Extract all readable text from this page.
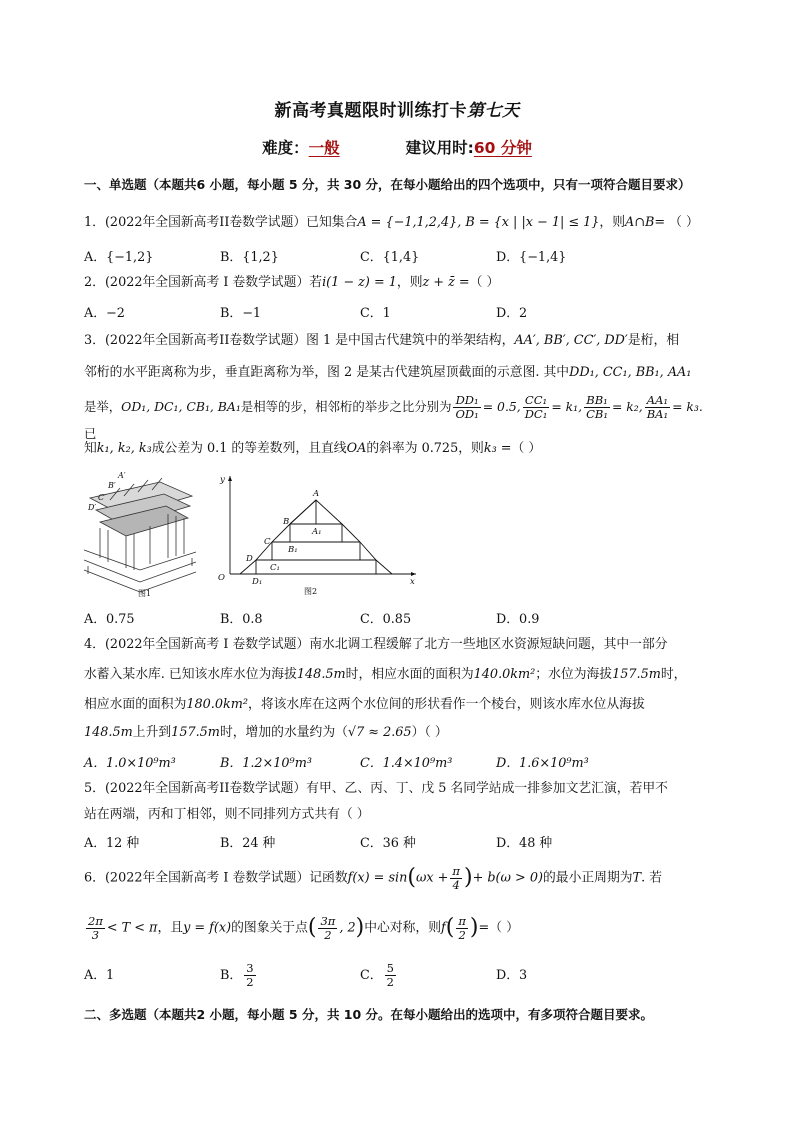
新高考真题限时训练打卡第七天
难度：一般	建议用时:60 分钟
一、单选题（本题共6 小题，每小题 5 分，共 30 分，在每小题给出的四个选项中，只有一项符合题目要求）
1．(2022年全国新高考II卷数学试题）已知集合A = {−1,1,2,4}, B = {x | |x − 1| ≤ 1}，则A∩B= （ ）
A．{−1,2}	B．{1,2}	C．{1,4}	D．{−1,4}
2．(2022年全国新高考 I 卷数学试题）若i(1 − z) = 1，则z + z̄ =（ ）
A．−2	B．−1	C．1	D．2
3．(2022年全国新高考II卷数学试题）图 1 是中国古代建筑中的举架结构，AA′, BB′, CC′, DD′是桁，相
邻桁的水平距离称为步，垂直距离称为举，图 2 是某古代建筑屋顶截面的示意图. 其中DD₁, CC₁, BB₁, AA₁
是举，OD₁, DC₁, CB₁, BA₁是相等的步，相邻桁的举步之比分别为 $\frac{\text{DD₁}}{\text{OD₁}} = 0.5$, $\frac{\text{CC₁}}{\text{DC₁}} = k_1$, $\frac{\text{BB₁}}{\text{CB₁}} = k_2$, $\frac{\text{AA₁}}{\text{BA₁}} = k_3$. 已
知k₁, k₂, k₃成公差为 0.1 的等差数列，且直线OA的斜率为 0.725，则k₃ =（ ）
A′
B′
C′
D′
图1
A
B
C
D
O
A₁
B₁
C₁
D₁	x
y
图2
A．0.75	B．0.8	C．0.85	D．0.9
4．(2022年全国新高考 I 卷数学试题）南水北调工程缓解了北方一些地区水资源短缺问题，其中一部分
水蓄入某水库. 已知该水库水位为海拔148.5m时，相应水面的面积为140.0km²；水位为海拔157.5m时，
相应水面的面积为180.0km²，将该水库在这两个水位间的形状看作一个棱台，则该水库水位从海拔
148.5m上升到157.5m时，增加的水量约为（√7 ≈ 2.65）（ ）
A．1.0×10⁹m³	B．1.2×10⁹m³	C．1.4×10⁹m³	D．1.6×10⁹m³
5．(2022年全国新高考II卷数学试题）有甲、乙、丙、丁、戊 5 名同学站成一排参加文艺汇演，若甲不
站在两端，丙和丁相邻，则不同排列方式共有（ ）
A．12 种	B．24 种	C．36 种	D．48 种
6．(2022年全国新高考 I 卷数学试题）记函数$f(x) = \sin(\omega x + \frac{\pi}{4}$ )+ b(ω > 0)的最小正周期为T. 若
$\frac{2\pi}{3} < T < \pi$，且y = f(x)的图象关于点( $\frac{3\pi}{2}$ , 2)中心对称，则$f( \frac{\pi}{2}$ )=（ ）
A．1	B． $\frac{3}{2}$	C． $\frac{5}{2}$	D．3
二、多选题（本题共2 小题，每小题 5 分，共 10 分。在每小题给出的选项中，有多项符合题目要求。
